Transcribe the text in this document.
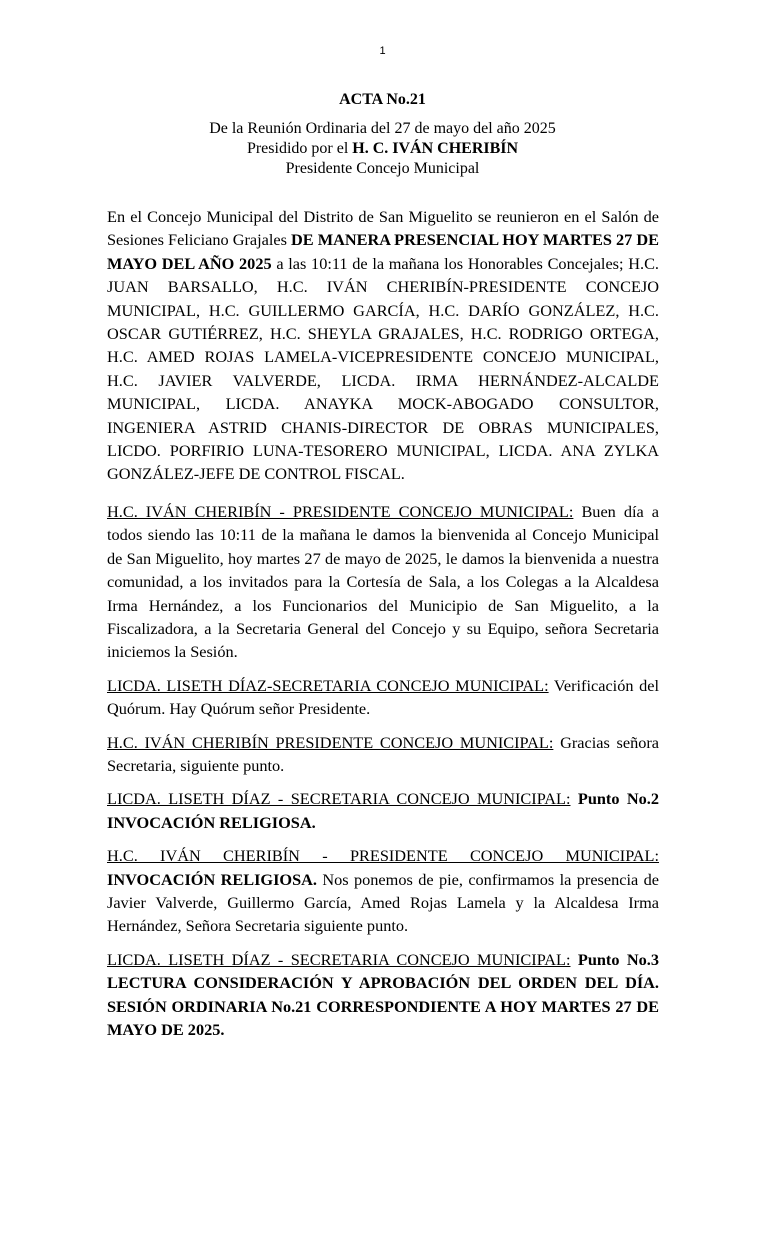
1
ACTA No.21
De la Reunión Ordinaria del 27 de mayo del año 2025
Presidido por el H. C. IVÁN CHERIBÍN
Presidente Concejo Municipal

En el Concejo Municipal del Distrito de San Miguelito se reunieron en el Salón de Sesiones Feliciano Grajales DE MANERA PRESENCIAL HOY MARTES 27 DE MAYO DEL AÑO 2025 a las 10:11 de la mañana los Honorables Concejales; H.C. JUAN BARSALLO, H.C. IVÁN CHERIBÍN-PRESIDENTE CONCEJO MUNICIPAL, H.C. GUILLERMO GARCÍA, H.C. DARÍO GONZÁLEZ, H.C. OSCAR GUTIÉRREZ, H.C. SHEYLA GRAJALES, H.C. RODRIGO ORTEGA, H.C. AMED ROJAS LAMELA-VICEPRESIDENTE CONCEJO MUNICIPAL, H.C. JAVIER VALVERDE, LICDA. IRMA HERNÁNDEZ-ALCALDE MUNICIPAL, LICDA. ANAYKA MOCK-ABOGADO CONSULTOR, INGENIERA ASTRID CHANIS-DIRECTOR DE OBRAS MUNICIPALES, LICDO. PORFIRIO LUNA-TESORERO MUNICIPAL, LICDA. ANA ZYLKA GONZÁLEZ-JEFE DE CONTROL FISCAL.

H.C. IVÁN CHERIBÍN - PRESIDENTE CONCEJO MUNICIPAL: Buen día a todos siendo las 10:11 de la mañana le damos la bienvenida al Concejo Municipal de San Miguelito, hoy martes 27 de mayo de 2025, le damos la bienvenida a nuestra comunidad, a los invitados para la Cortesía de Sala, a los Colegas a la Alcaldesa Irma Hernández, a los Funcionarios del Municipio de San Miguelito, a la Fiscalizadora, a la Secretaria General del Concejo y su Equipo, señora Secretaria iniciemos la Sesión.

LICDA. LISETH DÍAZ-SECRETARIA CONCEJO MUNICIPAL: Verificación del Quórum. Hay Quórum señor Presidente.

H.C. IVÁN CHERIBÍN PRESIDENTE CONCEJO MUNICIPAL: Gracias señora Secretaria, siguiente punto.

LICDA. LISETH DÍAZ - SECRETARIA CONCEJO MUNICIPAL: Punto No.2 INVOCACIÓN RELIGIOSA.

H.C. IVÁN CHERIBÍN - PRESIDENTE CONCEJO MUNICIPAL: INVOCACIÓN RELIGIOSA. Nos ponemos de pie, confirmamos la presencia de Javier Valverde, Guillermo García, Amed Rojas Lamela y la Alcaldesa Irma Hernández, Señora Secretaria siguiente punto.

LICDA. LISETH DÍAZ - SECRETARIA CONCEJO MUNICIPAL: Punto No.3 LECTURA CONSIDERACIÓN Y APROBACIÓN DEL ORDEN DEL DÍA. SESIÓN ORDINARIA No.21 CORRESPONDIENTE A HOY MARTES 27 DE MAYO DE 2025.
